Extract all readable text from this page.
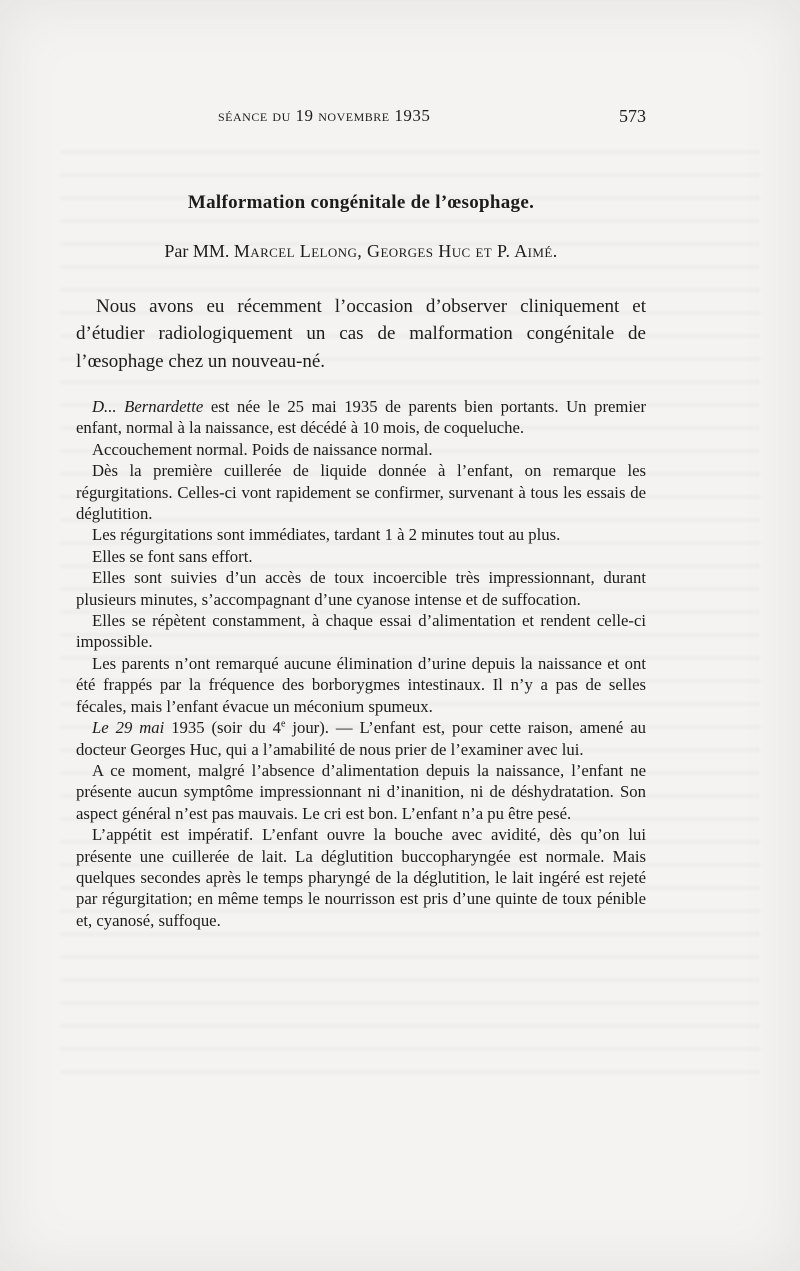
séance du 19 novembre 1935	573
Malformation congénitale de l’œsophage.
Par MM. Marcel Lelong, Georges Huc et P. Aimé.
Nous avons eu récemment l’occasion d’observer cliniquement et d’étudier radiologiquement un cas de malformation congénitale de l’œsophage chez un nouveau-né.

D... Bernardette est née le 25 mai 1935 de parents bien portants. Un premier enfant, normal à la naissance, est décédé à 10 mois, de coqueluche.

Accouchement normal. Poids de naissance normal.

Dès la première cuillerée de liquide donnée à l’enfant, on remarque les régurgitations. Celles-ci vont rapidement se confirmer, survenant à tous les essais de déglutition.

Les régurgitations sont immédiates, tardant 1 à 2 minutes tout au plus.

Elles se font sans effort.

Elles sont suivies d’un accès de toux incoercible très impressionnant, durant plusieurs minutes, s’accompagnant d’une cyanose intense et de suffocation.

Elles se répètent constamment, à chaque essai d’alimentation et rendent celle-ci impossible.

Les parents n’ont remarqué aucune élimination d’urine depuis la naissance et ont été frappés par la fréquence des borborygmes intestinaux. Il n’y a pas de selles fécales, mais l’enfant évacue un méconium spumeux.

Le 29 mai 1935 (soir du 4e jour). — L’enfant est, pour cette raison, amené au docteur Georges Huc, qui a l’amabilité de nous prier de l’examiner avec lui.

A ce moment, malgré l’absence d’alimentation depuis la naissance, l’enfant ne présente aucun symptôme impressionnant ni d’inanition, ni de déshydratation. Son aspect général n’est pas mauvais. Le cri est bon. L’enfant n’a pu être pesé.

L’appétit est impératif. L’enfant ouvre la bouche avec avidité, dès qu’on lui présente une cuillerée de lait. La déglutition buccopharyngée est normale. Mais quelques secondes après le temps pharyngé de la déglutition, le lait ingéré est rejeté par régurgitation; en même temps le nourrisson est pris d’une quinte de toux pénible et, cyanosé, suffoque.
